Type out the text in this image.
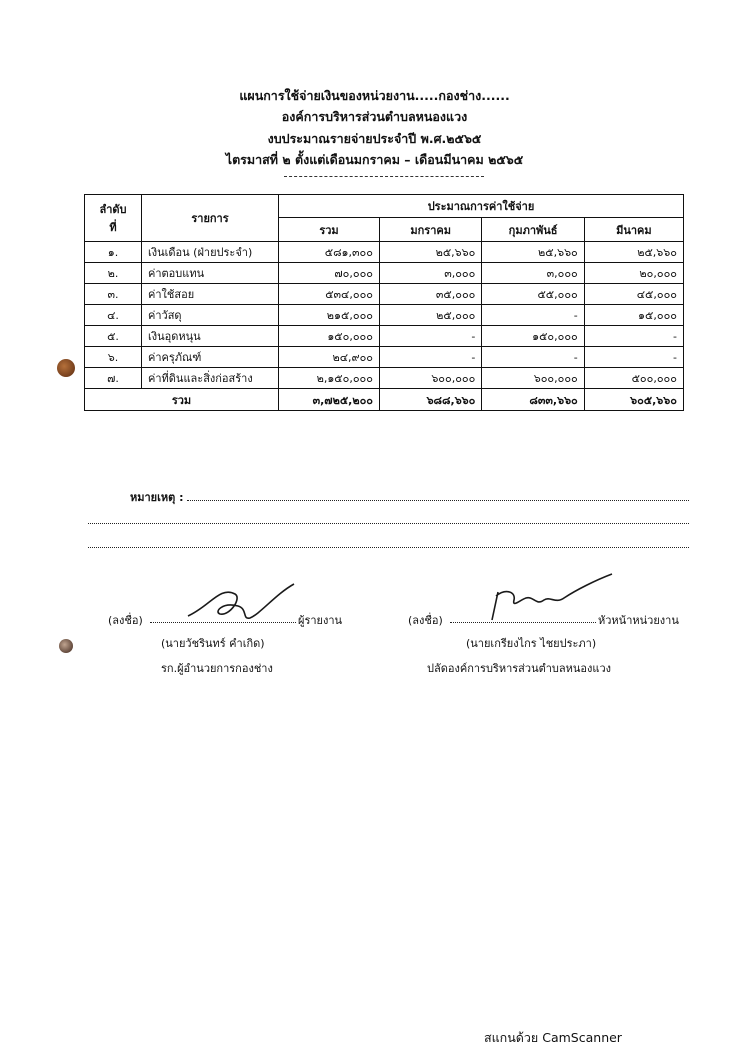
แผนการใช้จ่ายเงินของหน่วยงาน.....กองช่าง......
องค์การบริหารส่วนตำบลหนองแวง
งบประมาณรายจ่ายประจำปี พ.ศ.๒๕๖๕
ไตรมาสที่ ๒ ตั้งแต่เดือนมกราคม – เดือนมีนาคม ๒๕๖๕
ลำดับ
ที่	รายการ	ประมาณการค่าใช้จ่าย			
		รวม	มกราคม	กุมภาพันธ์	มีนาคม
๑.	เงินเดือน (ฝ่ายประจำ)	๕๘๑,๓๐๐	๒๕,๖๖๐	๒๕,๖๖๐	๒๕,๖๖๐
๒.	ค่าตอบแทน	๗๐,๐๐๐	๓,๐๐๐	๓,๐๐๐	๒๐,๐๐๐
๓.	ค่าใช้สอย	๕๓๔,๐๐๐	๓๕,๐๐๐	๕๕,๐๐๐	๔๕,๐๐๐
๔.	ค่าวัสดุ	๒๑๕,๐๐๐	๒๕,๐๐๐	-	๑๕,๐๐๐
๕.	เงินอุดหนุน	๑๕๐,๐๐๐	-	๑๕๐,๐๐๐	-
๖.	ค่าครุภัณฑ์	๒๔,๙๐๐	-	-	-
๗.	ค่าที่ดินและสิ่งก่อสร้าง	๒,๑๕๐,๐๐๐	๖๐๐,๐๐๐	๖๐๐,๐๐๐	๕๐๐,๐๐๐
รวม		๓,๗๒๕,๒๐๐	๖๘๘,๖๖๐	๘๓๓,๖๖๐	๖๐๕,๖๖๐
หมายเหตุ :
(ลงชื่อ)	ผู้รายงาน
(นายวัชรินทร์ คำเกิด)
รก.ผู้อำนวยการกองช่าง
(ลงชื่อ)	หัวหน้าหน่วยงาน
(นายเกรียงไกร ไชยประภา)
ปลัดองค์การบริหารส่วนตำบลหนองแวง
สแกนด้วย CamScanner
